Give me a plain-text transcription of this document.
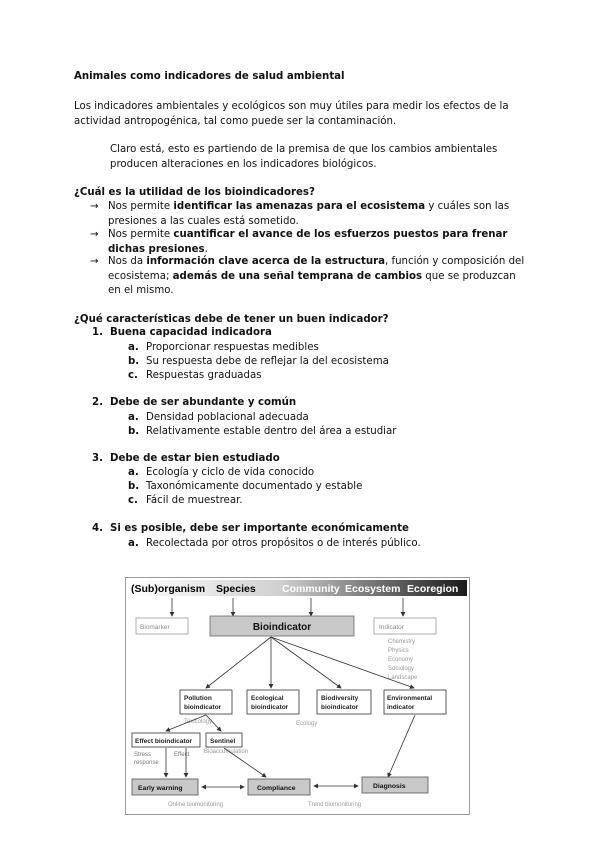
Animales como indicadores de salud ambiental
Los indicadores ambientales y ecológicos son muy útiles para medir los efectos de la actividad antropogénica, tal como puede ser la contaminación.
Claro está, esto es partiendo de la premisa de que los cambios ambientales producen alteraciones en los indicadores biológicos.
¿Cuál es la utilidad de los bioindicadores?
→ Nos permite identificar las amenazas para el ecosistema y cuáles son las presiones a las cuales está sometido.
→ Nos permite cuantificar el avance de los esfuerzos puestos para frenar dichas presiones.
→ Nos da información clave acerca de la estructura, función y composición del ecosistema; además de una señal temprana de cambios que se produzcan en el mismo.
¿Qué características debe de tener un buen indicador?
1. Buena capacidad indicadora
a. Proporcionar respuestas medibles
b. Su respuesta debe de reflejar la del ecosistema
c. Respuestas graduadas
2. Debe de ser abundante y común
a. Densidad poblacional adecuada
b. Relativamente estable dentro del área a estudiar
3. Debe de estar bien estudiado
a. Ecología y ciclo de vida conocido
b. Taxonómicamente documentado y estable
c. Fácil de muestrear.
4. Si es posible, debe ser importante económicamente
a. Recolectada por otros propósitos o de interés público.
(Sub)organism Species	Community Ecosystem Ecoregion
Biomarker	Bioindicator	Indicator
Chemistry
Physics
Economy
Sociology
Landscape
Pollution
bioindicator
Ecological
bioindicator
Biodiversity
bioindicator
Environmental
indicator
Toxicology	Ecology
Effect bioindicator	Sentinel
Stress
response
Effect Bioaccumulation
Early warning	Compliance	Diagnosis
Online biomonitoring	Trend biomonitoring
